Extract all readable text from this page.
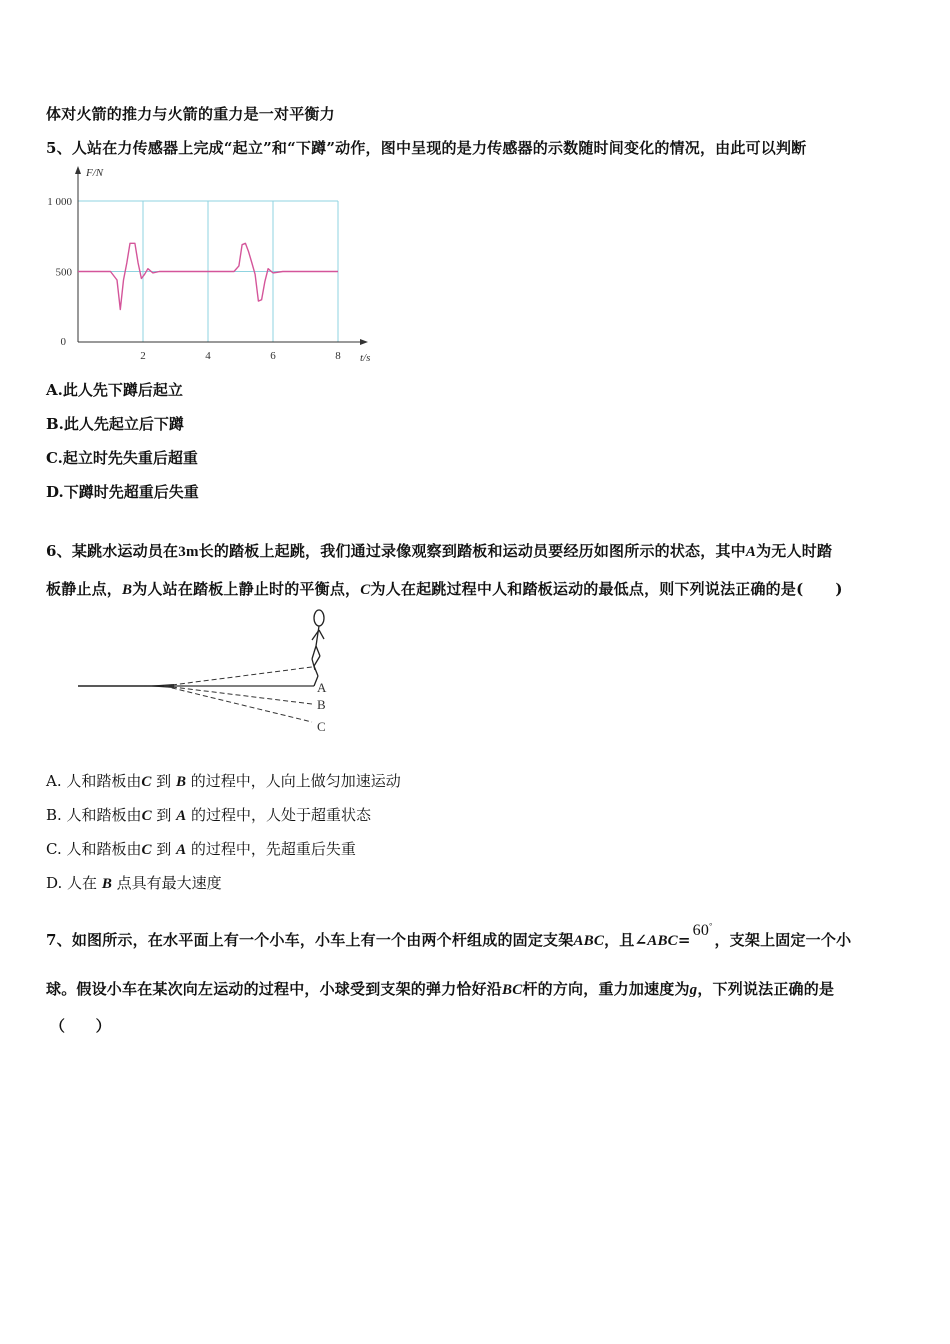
体对火箭的推力与火箭的重力是一对平衡力
5、人站在力传感器上完成“起立”和“下蹲”动作，图中呈现的是力传感器的示数随时间变化的情况，由此可以判断
2	4	6	8
0
500
1 000
t/s
F/N
A.此人先下蹲后起立
B.此人先起立后下蹲
C.起立时先失重后超重
D.下蹲时先超重后失重
6、某跳水运动员在3m长的踏板上起跳，我们通过录像观察到踏板和运动员要经历如图所示的状态，其中A为无人时踏
板静止点，B为人站在踏板上静止时的平衡点，C为人在起跳过程中人和踏板运动的最低点，则下列说法正确的是( )
A
B
C
A. 人和踏板由C 到 B 的过程中，人向上做匀加速运动
B. 人和踏板由C 到 A 的过程中，人处于超重状态
C. 人和踏板由C 到 A 的过程中，先超重后失重
D. 人在 B 点具有最大速度
7、如图所示，在水平面上有一个小车，小车上有一个由两个杆组成的固定支架ABC，且∠ABC=60°，支架上固定一个小
球。假设小车在某次向左运动的过程中，小球受到支架的弹力恰好沿BC杆的方向，重力加速度为g，下列说法正确的是
（　　）
